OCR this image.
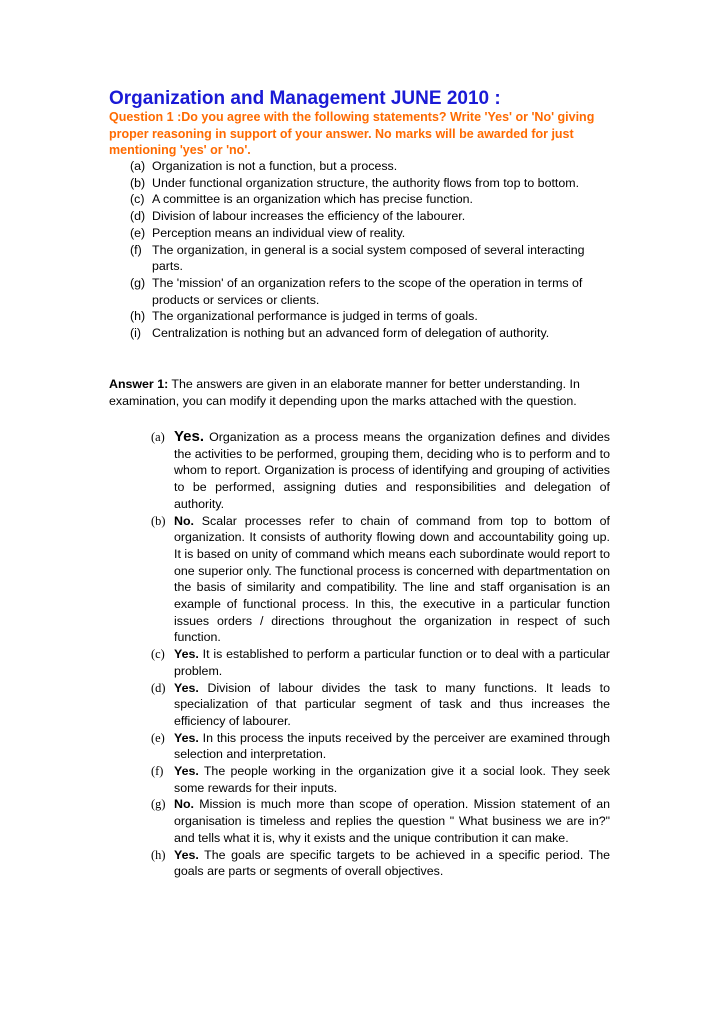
Organization and Management JUNE 2010 :
Question 1 :Do you agree with the following statements? Write 'Yes' or 'No' giving proper reasoning in support of your answer. No marks will be awarded for just mentioning 'yes' or 'no'.

(a) Organization is not a function, but a process.

(b) Under functional organization structure, the authority flows from top to bottom.

(c) A committee is an organization which has precise function.

(d) Division of labour increases the efficiency of the labourer.

(e) Perception means an individual view of reality.

(f) The organization, in general is a social system composed of several interacting parts.

(g) The 'mission' of an organization refers to the scope of the operation in terms of products or services or clients.

(h) The organizational performance is judged in terms of goals.

(i) Centralization is nothing but an advanced form of delegation of authority.

Answer 1: The answers are given in an elaborate manner for better understanding. In examination, you can modify it depending upon the marks attached with the question.
(a) Yes. Organization as a process means the organization defines and divides the activities to be performed, grouping them, deciding who is to perform and to whom to report. Organization is process of identifying and grouping of activities to be performed, assigning duties and responsibilities and delegation of authority.
(b) No. Scalar processes refer to chain of command from top to bottom of organization. It consists of authority flowing down and accountability going up. It is based on unity of command which means each subordinate would report to one superior only. The functional process is concerned with departmentation on the basis of similarity and compatibility. The line and staff organisation is an example of functional process. In this, the executive in a particular function issues orders / directions throughout the organization in respect of such function.
(c) Yes. It is established to perform a particular function or to deal with a particular problem.
(d) Yes. Division of labour divides the task to many functions. It leads to specialization of that particular segment of task and thus increases the efficiency of labourer.
(e) Yes. In this process the inputs received by the perceiver are examined through selection and interpretation.
(f) Yes. The people working in the organization give it a social look. They seek some rewards for their inputs.
(g) No. Mission is much more than scope of operation. Mission statement of an organisation is timeless and replies the question " What business we are in?" and tells what it is, why it exists and the unique contribution it can make.
(h) Yes. The goals are specific targets to be achieved in a specific period. The goals are parts or segments of overall objectives.
